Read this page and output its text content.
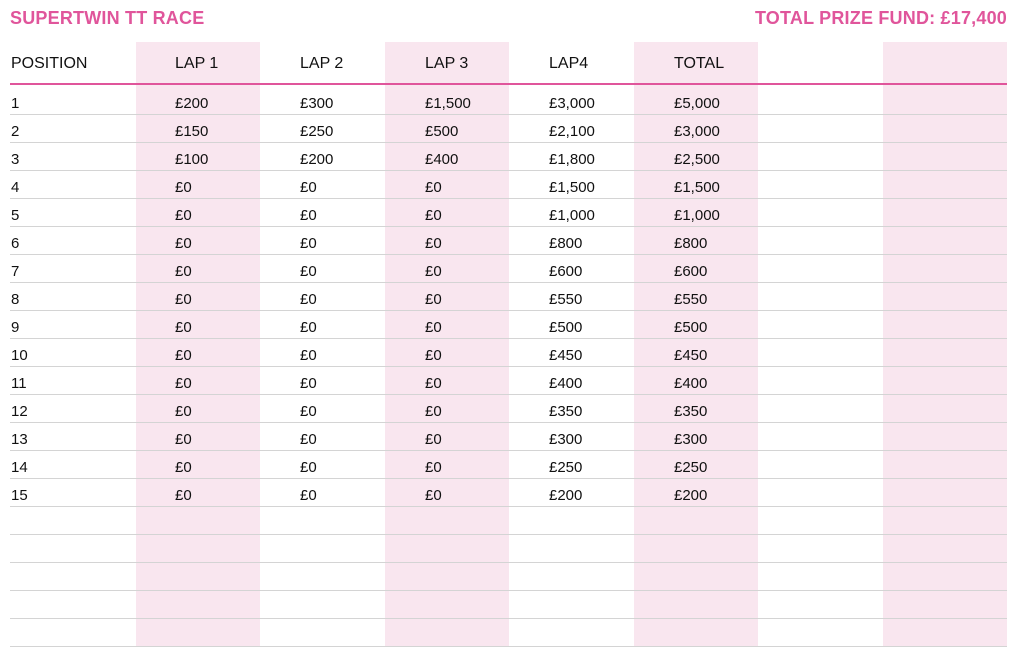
SUPERTWIN TT RACE	TOTAL PRIZE FUND: £17,400
POSITION	LAP 1	LAP 2	LAP 3	LAP4	TOTAL
1	£200	£300	£1,500	£3,000	£5,000
2	£150	£250	£500	£2,100	£3,000
3	£100	£200	£400	£1,800	£2,500
4	£0	£0	£0	£1,500	£1,500
5	£0	£0	£0	£1,000	£1,000
6	£0	£0	£0	£800	£800
7	£0	£0	£0	£600	£600
8	£0	£0	£0	£550	£550
9	£0	£0	£0	£500	£500
10	£0	£0	£0	£450	£450
11	£0	£0	£0	£400	£400
12	£0	£0	£0	£350	£350
13	£0	£0	£0	£300	£300
14	£0	£0	£0	£250	£250
15	£0	£0	£0	£200	£200
